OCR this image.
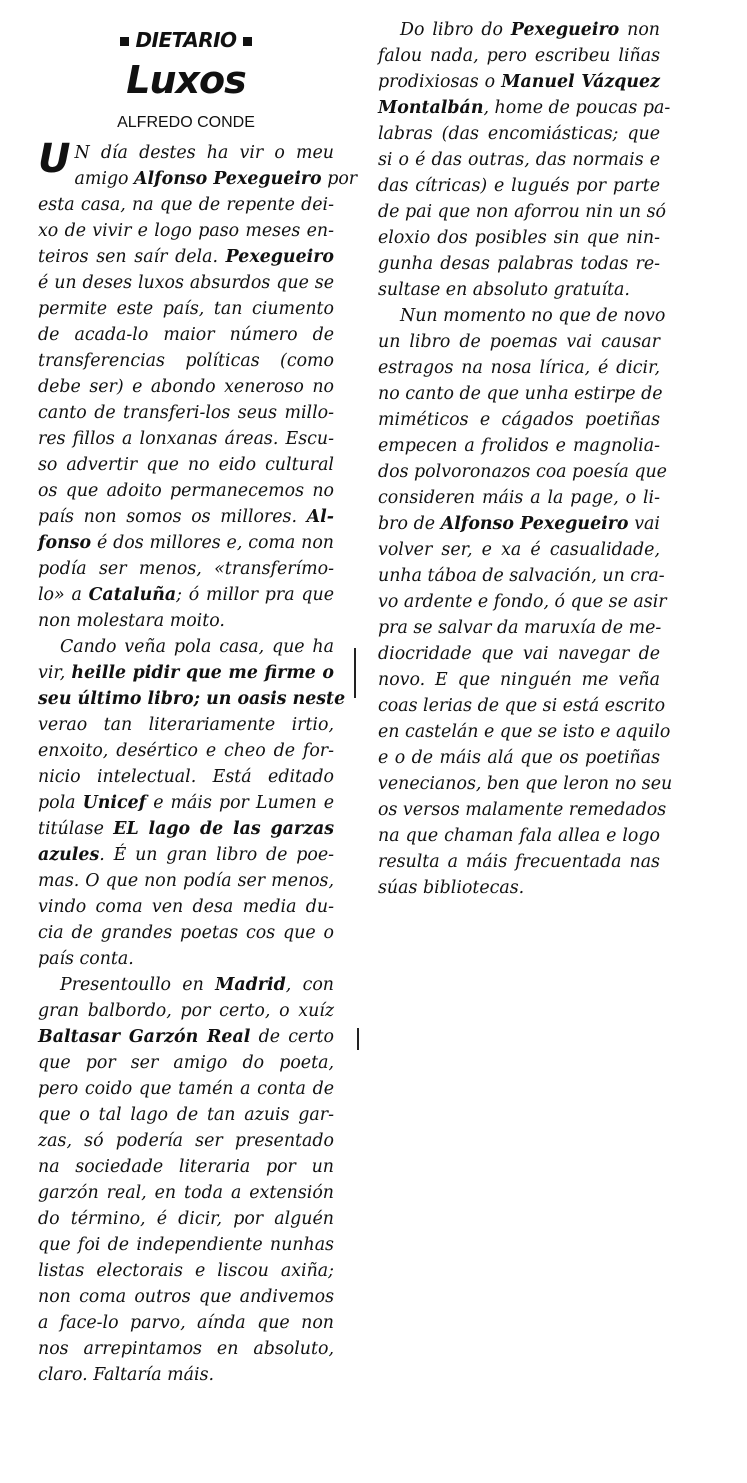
DIETARIO
Luxos
ALFREDO CONDE
U N día destes ha vir o meu
amigo Alfonso Pexegueiro por
esta casa, na que de repente dei-
xo de vivir e logo paso meses en-
teiros sen saír dela. Pexegueiro
é un deses luxos absurdos que se
permite este país, tan ciumento
de acada-lo maior número de
transferencias políticas (como
debe ser) e abondo xeneroso no
canto de transferi-los seus millo-
res fillos a lonxanas áreas. Escu-
so advertir que no eido cultural
os que adoito permanecemos no
país non somos os millores. Al-
fonso é dos millores e, coma non
podía ser menos, «transferímo-
lo» a Cataluña; ó millor pra que
non molestara moito.
Cando veña pola casa, que ha
vir, heille pidir que me firme o
seu último libro; un oasis neste
verao tan literariamente irtio,
enxoito, desértico e cheo de for-
nicio intelectual. Está editado
pola Unicef e máis por Lumen e
titúlase EL lago de las garzas
azules. É un gran libro de poe-
mas. O que non podía ser menos,
vindo coma ven desa media du-
cia de grandes poetas cos que o
país conta.
Presentoullo en Madrid, con
gran balbordo, por certo, o xuíz
Baltasar Garzón Real de certo
que por ser amigo do poeta,
pero coido que tamén a conta de
que o tal lago de tan azuis gar-
zas, só podería ser presentado
na sociedade literaria por un
garzón real, en toda a extensión
do término, é dicir, por alguén
que foi de independiente nunhas
listas electorais e liscou axiña;
non coma outros que andivemos
a face-lo parvo, aínda que non
nos arrepintamos en absoluto,
claro. Faltaría máis.
Do libro do Pexegueiro non
falou nada, pero escribeu liñas
prodixiosas o Manuel Vázquez
Montalbán, home de poucas pa-
labras (das encomiásticas; que
si o é das outras, das normais e
das cítricas) e lugués por parte
de pai que non aforrou nin un só
eloxio dos posibles sin que nin-
gunha desas palabras todas re-
sultase en absoluto gratuíta.
Nun momento no que de novo
un libro de poemas vai causar
estragos na nosa lírica, é dicir,
no canto de que unha estirpe de
miméticos e cágados poetiñas
empecen a frolidos e magnolia-
dos polvoronazos coa poesía que
consideren máis a la page, o li-
bro de Alfonso Pexegueiro vai
volver ser, e xa é casualidade,
unha táboa de salvación, un cra-
vo ardente e fondo, ó que se asir
pra se salvar da maruxía de me-
diocridade que vai navegar de
novo. E que ninguén me veña
coas lerias de que si está escrito
en castelán e que se isto e aquilo
e o de máis alá que os poetiñas
venecianos, ben que leron no seu
os versos malamente remedados
na que chaman fala allea e logo
resulta a máis frecuentada nas
súas bibliotecas.
